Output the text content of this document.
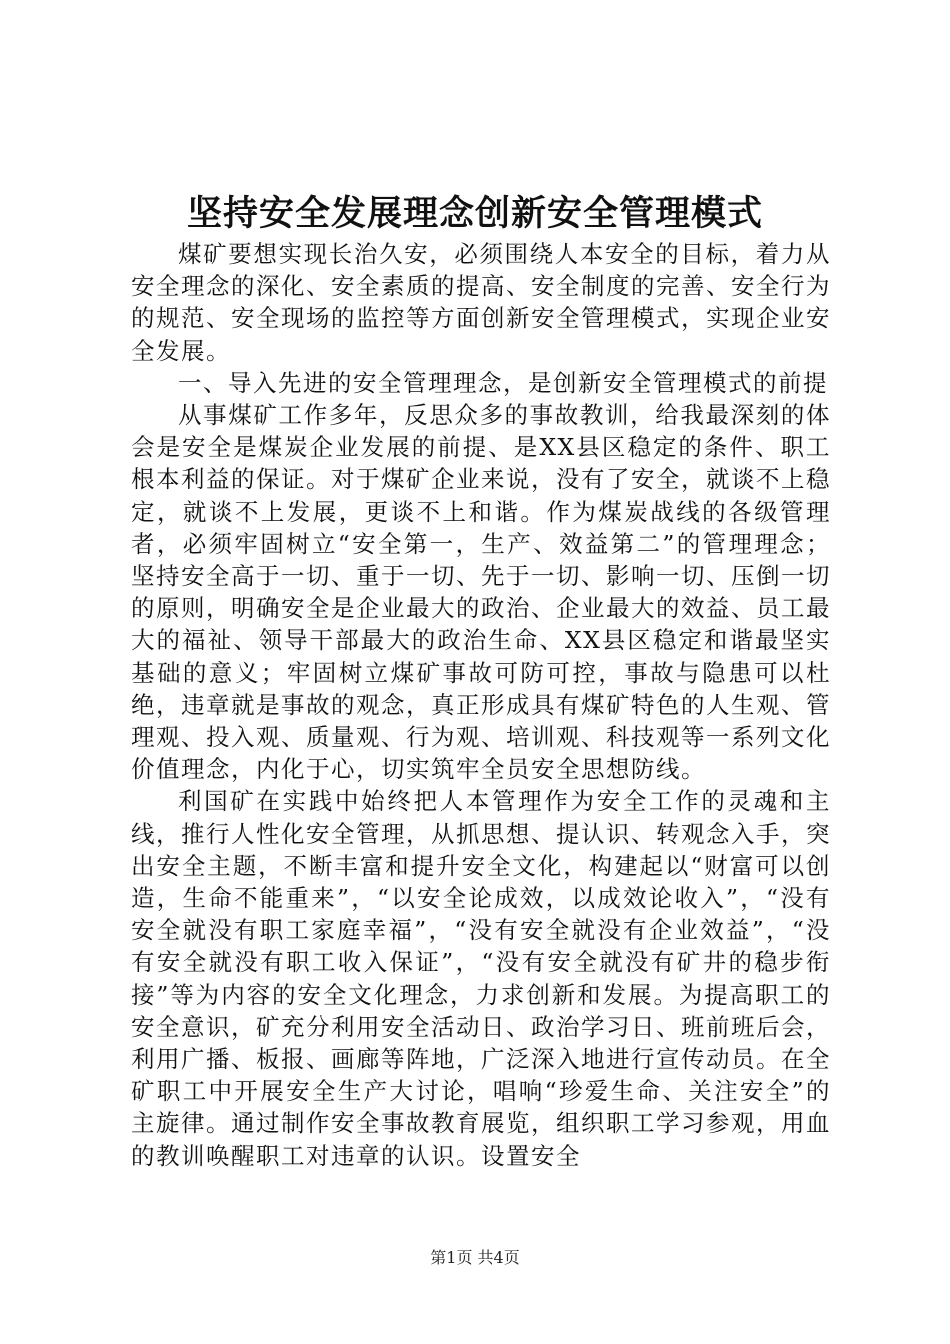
坚持安全发展理念创新安全管理模式

煤矿要想实现长治久安，必须围绕人本安全的目标，着力从安全理念的深化、安全素质的提高、安全制度的完善、安全行为的规范、安全现场的监控等方面创新安全管理模式，实现企业安全发展。

一、导入先进的安全管理理念，是创新安全管理模式的前提

从事煤矿工作多年，反思众多的事故教训，给我最深刻的体会是安全是煤炭企业发展的前提、是XX县区稳定的条件、职工根本利益的保证。对于煤矿企业来说，没有了安全，就谈不上稳定，就谈不上发展，更谈不上和谐。作为煤炭战线的各级管理者，必须牢固树立“安全第一，生产、效益第二”的管理理念；坚持安全高于一切、重于一切、先于一切、影响一切、压倒一切的原则，明确安全是企业最大的政治、企业最大的效益、员工最大的福祉、领导干部最大的政治生命、XX县区稳定和谐最坚实基础的意义；牢固树立煤矿事故可防可控，事故与隐患可以杜绝，违章就是事故的观念，真正形成具有煤矿特色的人生观、管理观、投入观、质量观、行为观、培训观、科技观等一系列文化价值理念，内化于心，切实筑牢全员安全思想防线。

利国矿在实践中始终把人本管理作为安全工作的灵魂和主线，推行人性化安全管理，从抓思想、提认识、转观念入手，突出安全主题，不断丰富和提升安全文化，构建起以“财富可以创造，生命不能重来”，“以安全论成效，以成效论收入”，“没有安全就没有职工家庭幸福”，“没有安全就没有企业效益”，“没有安全就没有职工收入保证”，“没有安全就没有矿井的稳步衔接”等为内容的安全文化理念，力求创新和发展。为提高职工的安全意识，矿充分利用安全活动日、政治学习日、班前班后会，利用广播、板报、画廊等阵地，广泛深入地进行宣传动员。在全矿职工中开展安全生产大讨论，唱响“珍爱生命、关注安全”的主旋律。通过制作安全事故教育展览，组织职工学习参观，用血的教训唤醒职工对违章的认识。设置安全

第1页 共4页
